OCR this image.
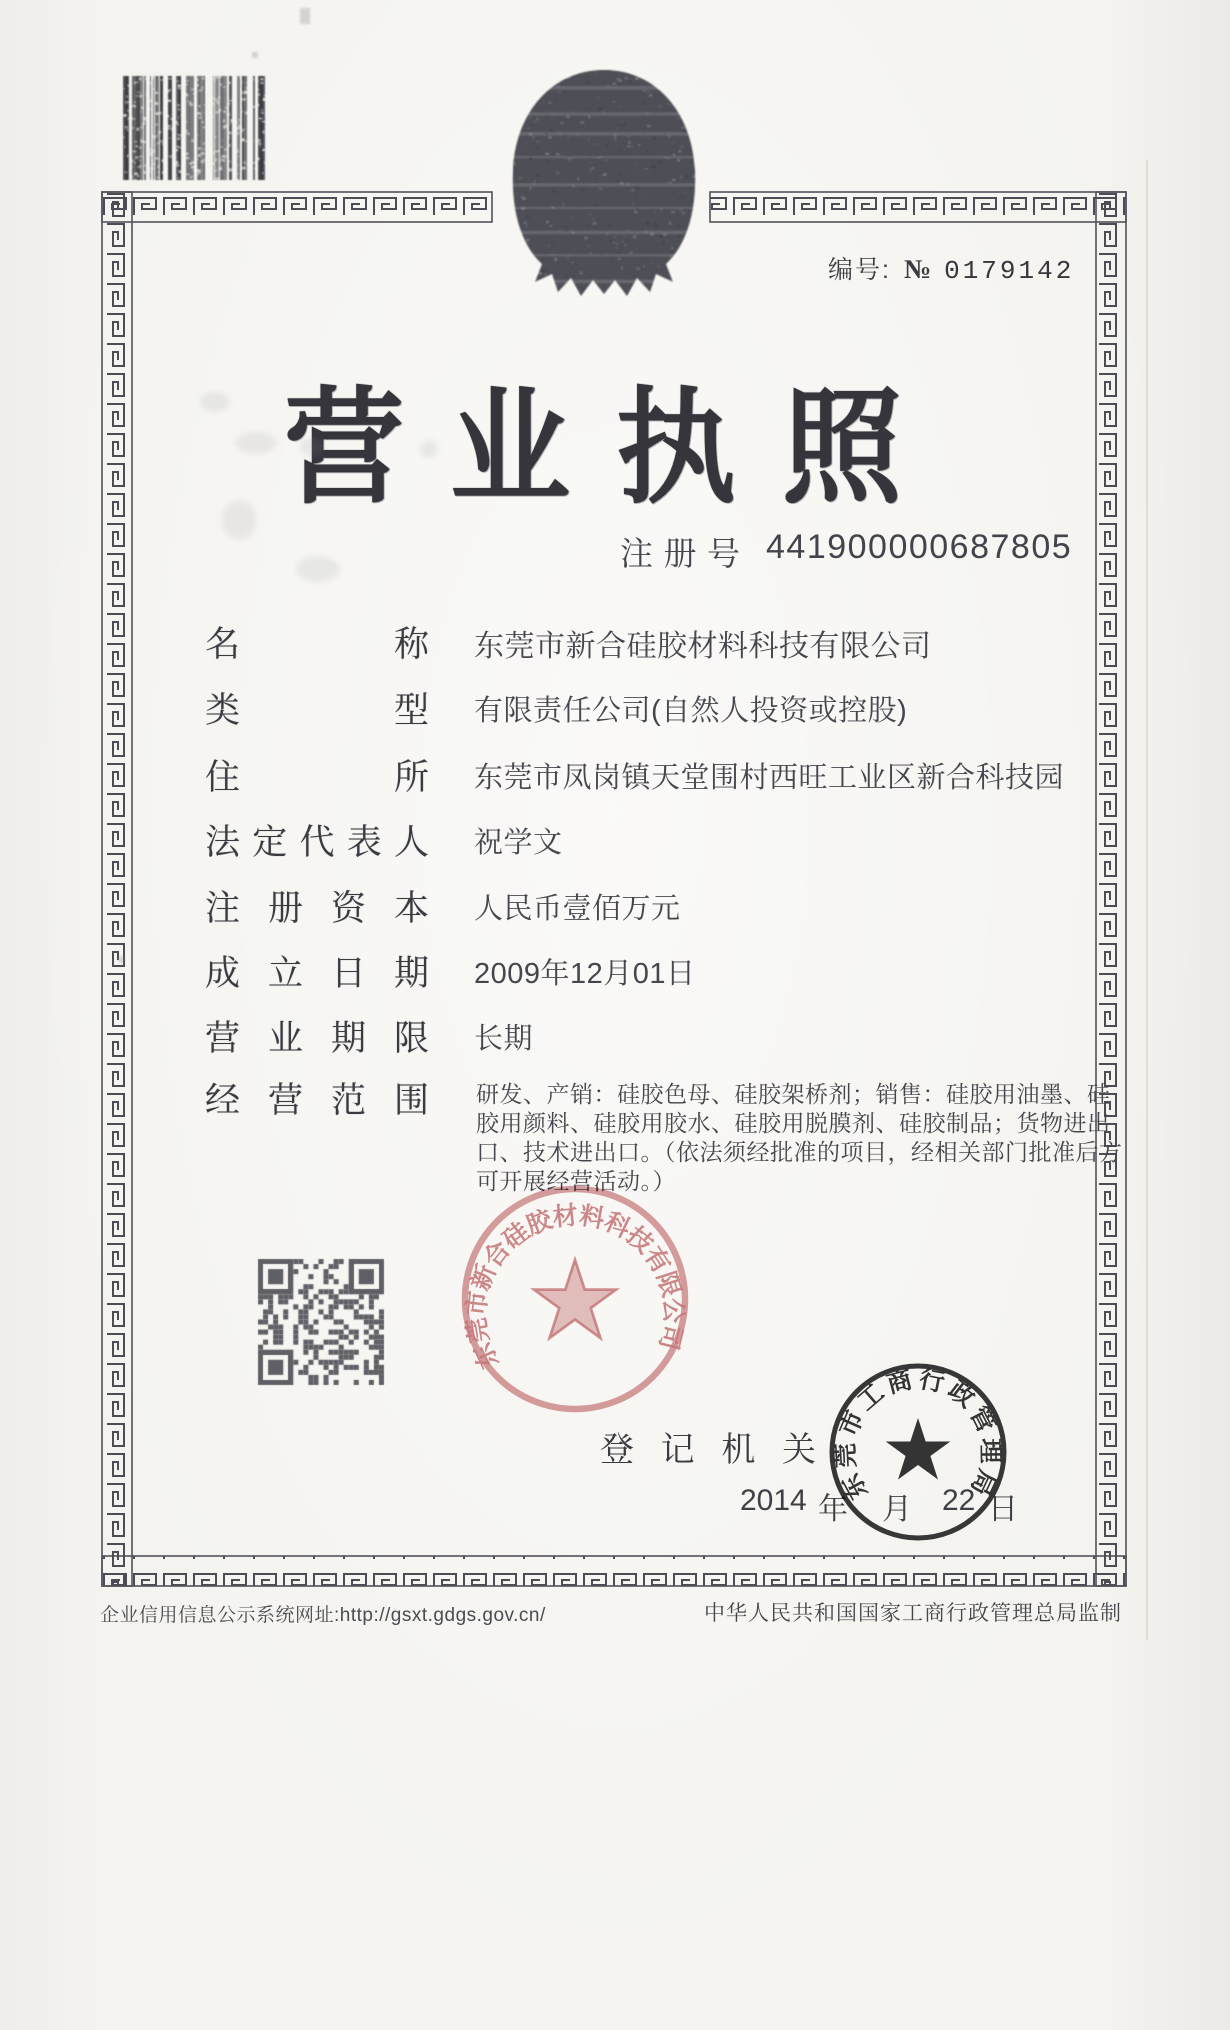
编号: № 0179142
营业执照
注册号 441900000687805
名称 东莞市新合硅胶材料科技有限公司
类型 有限责任公司(自然人投资或控股)
住所 东莞市凤岗镇天堂围村西旺工业区新合科技园
法定代表人 祝学文
注册资本 人民币壹佰万元
成立日期 2009年12月01日
营业期限 长期
经营范围 研发、产销：硅胶色母、硅胶架桥剂；销售：硅胶用油墨、硅胶用颜料、硅胶用胶水、硅胶用脱膜剂、硅胶制品；货物进出口、技术进出口。（依法须经批准的项目，经相关部门批准后方可开展经营活动。）
东莞市新合硅胶材料科技有限公司
登记机关
2014 年 月 22 日
东莞市工商行政管理局
企业信用信息公示系统网址:http://gsxt.gdgs.gov.cn/	中华人民共和国国家工商行政管理总局监制
